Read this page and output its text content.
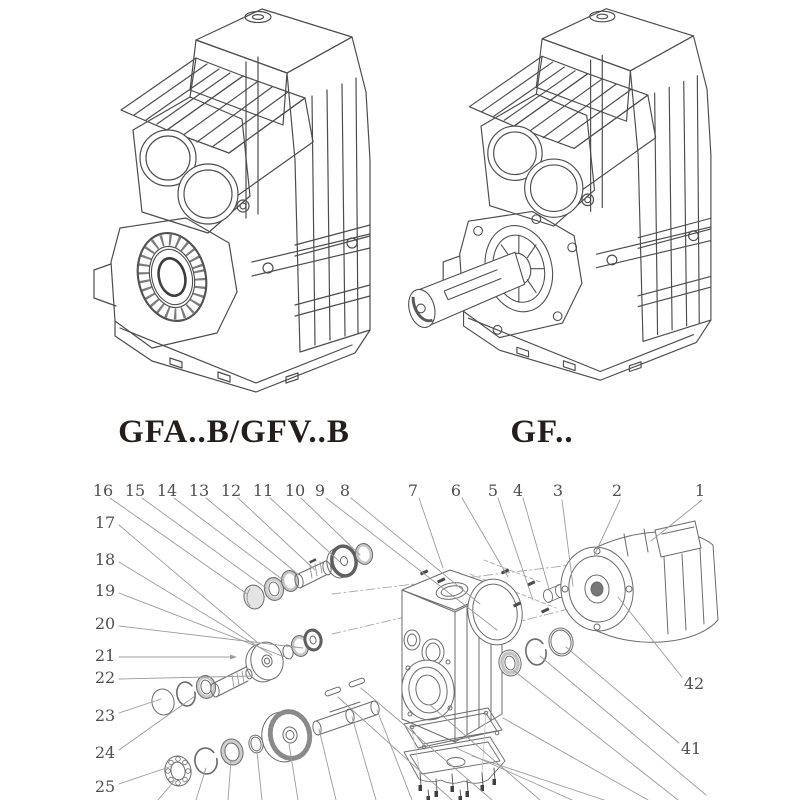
GFA..B/GFV..B	GF..
16 15 14 13 12 11 10 9 8	7 6 5 4 3	2	1
17
18
19
20
21
22
23
24
25
42
41
